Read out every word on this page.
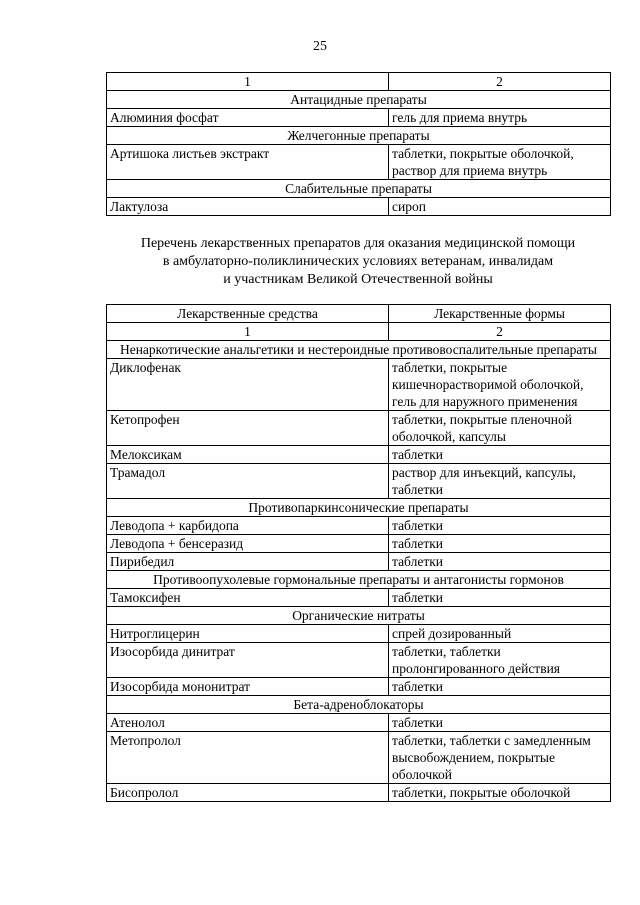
25
1	2
Антацидные препараты	
Алюминия фосфат	гель для приема внутрь
Желчегонные препараты	
Артишока листьев экстракт	таблетки, покрытые оболочкой, раствор для приема внутрь
Слабительные препараты	
Лактулоза	сироп
Перечень лекарственных препаратов для оказания медицинской помощи
в амбулаторно-поликлинических условиях ветеранам, инвалидам
и участникам Великой Отечественной войны
Лекарственные средства	Лекарственные формы
1	2
Ненаркотические анальгетики и нестероидные противовоспалительные препараты	
Диклофенак	таблетки, покрытые кишечнорастворимой оболочкой, гель для наружного применения
Кетопрофен	таблетки, покрытые пленочной оболочкой, капсулы
Мелоксикам	таблетки
Трамадол	раствор для инъекций, капсулы, таблетки
Противопаркинсонические препараты	
Леводопа + карбидопа	таблетки
Леводопа + бенсеразид	таблетки
Пирибедил	таблетки
Противоопухолевые гормональные препараты и антагонисты гормонов	
Тамоксифен	таблетки
Органические нитраты	
Нитроглицерин	спрей дозированный
Изосорбида динитрат	таблетки, таблетки пролонгированного действия
Изосорбида мононитрат	таблетки
Бета-адреноблокаторы	
Атенолол	таблетки
Метопролол	таблетки, таблетки с замедленным высвобождением, покрытые оболочкой
Бисопролол	таблетки, покрытые оболочкой
